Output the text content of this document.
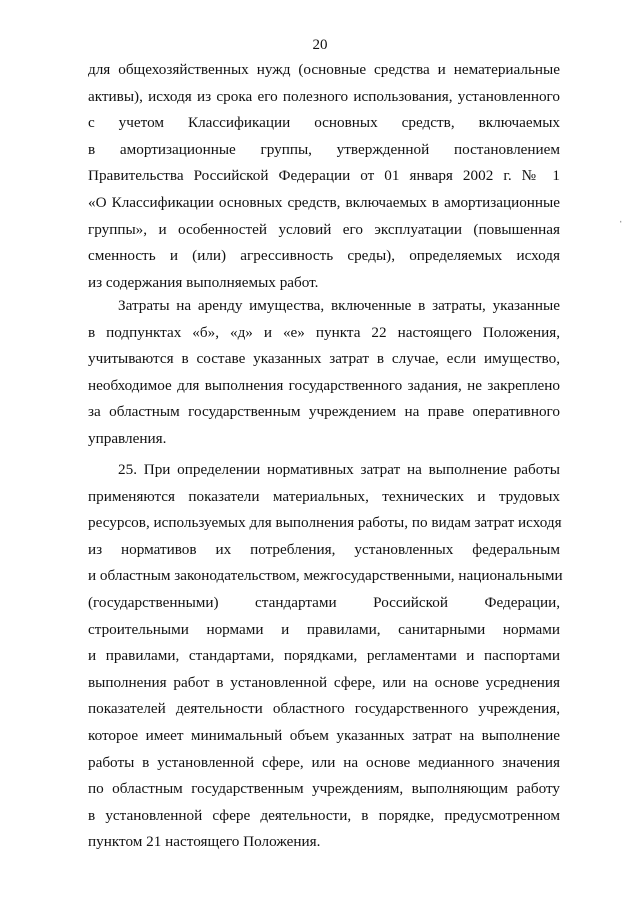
20
ˈ
для общехозяйственных нужд (основные средства и нематериальные
активы), исходя из срока его полезного использования, установленного
с учетом Классификации основных средств, включаемых
в амортизационные группы, утвержденной постановлением
Правительства Российской Федерации от 01 января 2002 г. № 1
«О Классификации основных средств, включаемых в амортизационные
группы», и особенностей условий его эксплуатации (повышенная
сменность и (или) агрессивность среды), определяемых исходя
из содержания выполняемых работ.
Затраты на аренду имущества, включенные в затраты, указанные
в подпунктах «б», «д» и «е» пункта 22 настоящего Положения,
учитываются в составе указанных затрат в случае, если имущество,
необходимое для выполнения государственного задания, не закреплено
за областным государственным учреждением на праве оперативного
управления.
25. При определении нормативных затрат на выполнение работы
применяются показатели материальных, технических и трудовых
ресурсов, используемых для выполнения работы, по видам затрат исходя
из нормативов их потребления, установленных федеральным
и областным законодательством, межгосударственными, национальными
(государственными) стандартами Российской Федерации,
строительными нормами и правилами, санитарными нормами
и правилами, стандартами, порядками, регламентами и паспортами
выполнения работ в установленной сфере, или на основе усреднения
показателей деятельности областного государственного учреждения,
которое имеет минимальный объем указанных затрат на выполнение
работы в установленной сфере, или на основе медианного значения
по областным государственным учреждениям, выполняющим работу
в установленной сфере деятельности, в порядке, предусмотренном
пунктом 21 настоящего Положения.
